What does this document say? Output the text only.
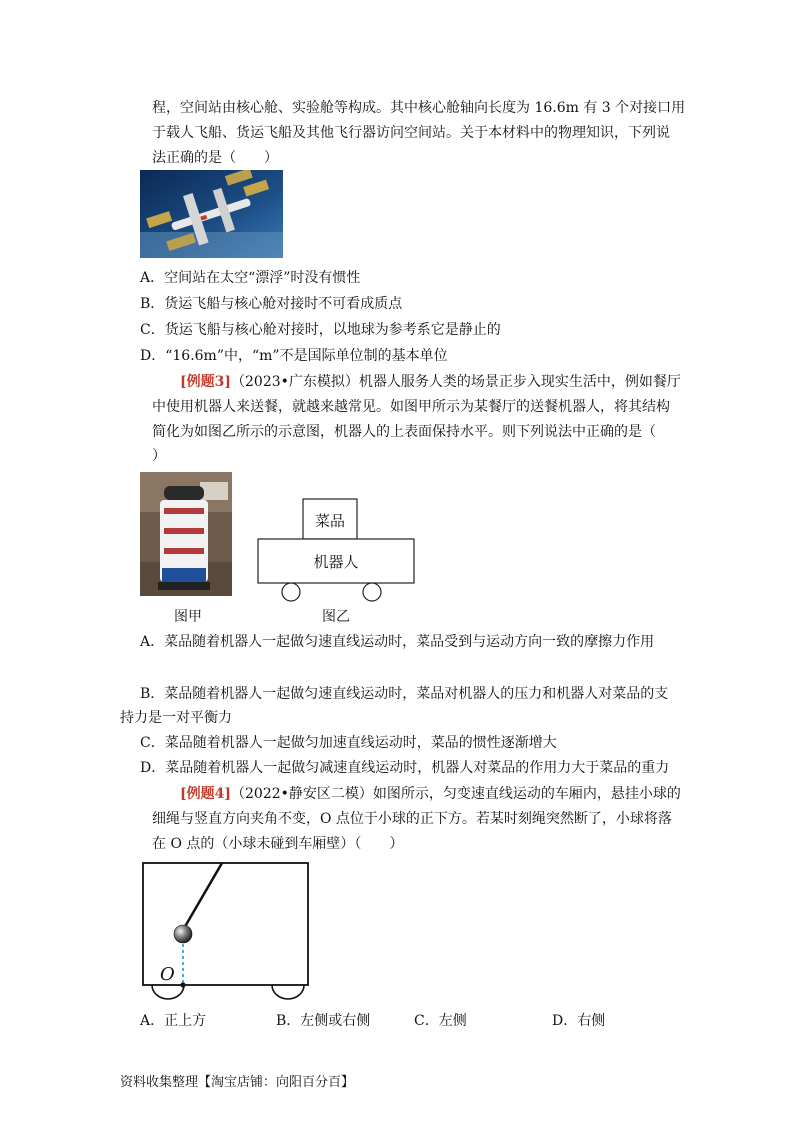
程，空间站由核心舱、实验舱等构成。其中核心舱轴向长度为 16.6m 有 3 个对接口用
于载人飞船、货运飞船及其他飞行器访问空间站。关于本材料中的物理知识，下列说
法正确的是（　　）
A．空间站在太空“漂浮”时没有惯性
B．货运飞船与核心舱对接时不可看成质点
C．货运飞船与核心舱对接时，以地球为参考系它是静止的
D．“16.6m”中，“m”不是国际单位制的基本单位
[例题3]（2023•广东模拟）机器人服务人类的场景正步入现实生活中，例如餐厅
中使用机器人来送餐，就越来越常见。如图甲所示为某餐厅的送餐机器人，将其结构
简化为如图乙所示的示意图，机器人的上表面保持水平。则下列说法中正确的是（
）
菜品
机器人
图甲	图乙
A．菜品随着机器人一起做匀速直线运动时，菜品受到与运动方向一致的摩擦力作用
B．菜品随着机器人一起做匀速直线运动时，菜品对机器人的压力和机器人对菜品的支
持力是一对平衡力
C．菜品随着机器人一起做匀加速直线运动时，菜品的惯性逐渐增大
D．菜品随着机器人一起做匀减速直线运动时，机器人对菜品的作用力大于菜品的重力
[例题4]（2022•静安区二模）如图所示，匀变速直线运动的车厢内，悬挂小球的
细绳与竖直方向夹角不变，O 点位于小球的正下方。若某时刻绳突然断了，小球将落
在 O 点的（小球未碰到车厢壁）（　　）
O
A．正上方	B．左侧或右侧	C．左侧	D．右侧
资料收集整理【淘宝店铺：向阳百分百】
